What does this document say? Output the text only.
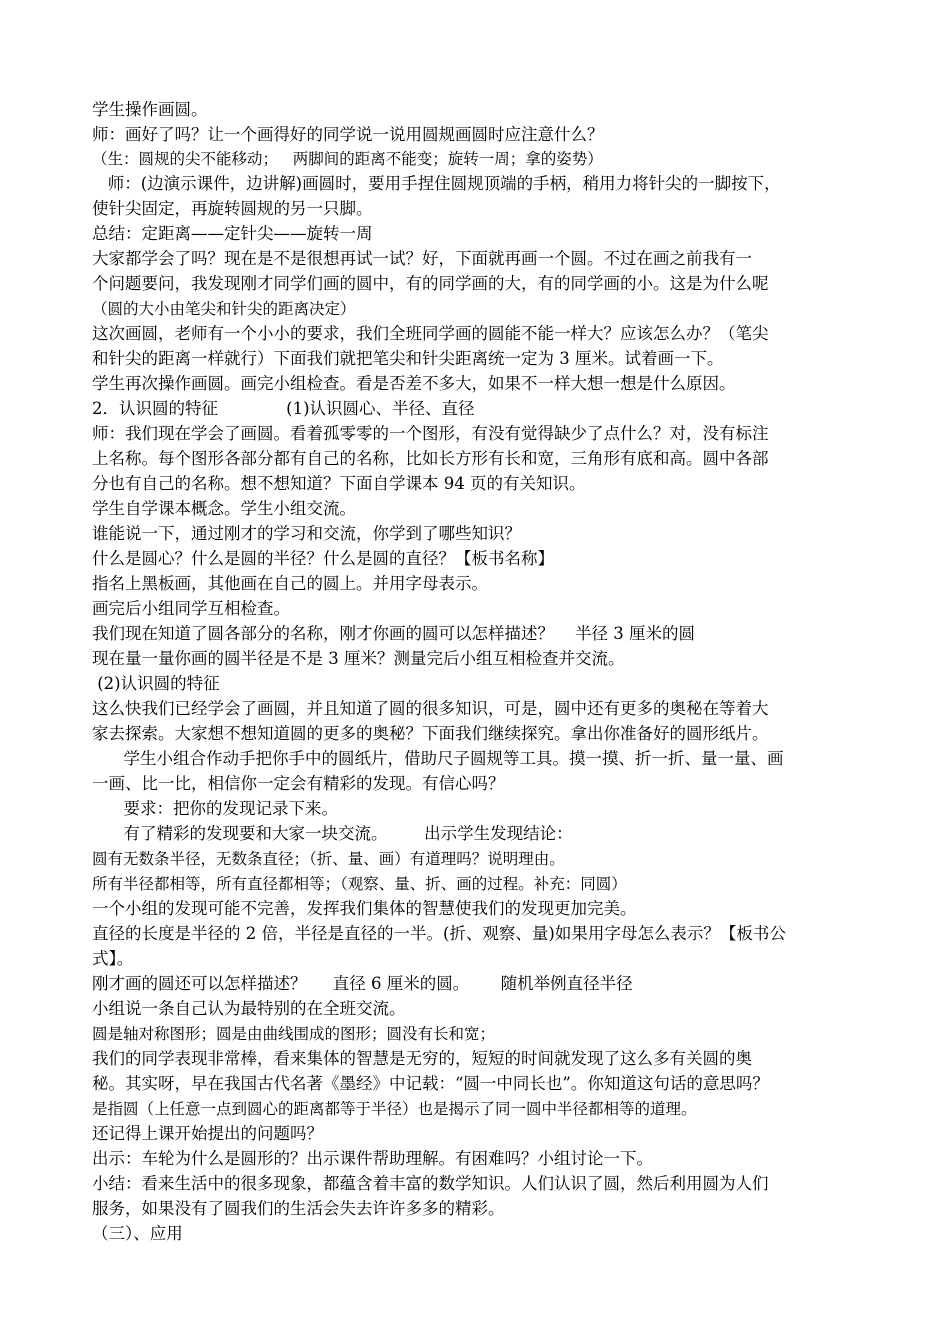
学生操作画圆。
师：画好了吗？让一个画得好的同学说一说用圆规画圆时应注意什么？
（生：圆规的尖不能移动；   两脚间的距离不能变；旋转一周；拿的姿势）
师：(边演示课件，边讲解)画圆时，要用手捏住圆规顶端的手柄，稍用力将针尖的一脚按下，
使针尖固定，再旋转圆规的另一只脚。
总结：定距离——定针尖——旋转一周
大家都学会了吗？现在是不是很想再试一试？好，下面就再画一个圆。不过在画之前我有一
个问题要问，我发现刚才同学们画的圆中，有的同学画的大，有的同学画的小。这是为什么呢
（圆的大小由笔尖和针尖的距离决定）
这次画圆，老师有一个小小的要求，我们全班同学画的圆能不能一样大？应该怎么办？（笔尖
和针尖的距离一样就行）下面我们就把笔尖和针尖距离统一定为 3 厘米。试着画一下。
学生再次操作画圆。画完小组检查。看是否差不多大，如果不一样大想一想是什么原因。
2．认识圆的特征             (1)认识圆心、半径、直径
师：我们现在学会了画圆。看着孤零零的一个图形，有没有觉得缺少了点什么？对，没有标注
上名称。每个图形各部分都有自己的名称，比如长方形有长和宽，三角形有底和高。圆中各部
分也有自己的名称。想不想知道？下面自学课本 94 页的有关知识。
学生自学课本概念。学生小组交流。
谁能说一下，通过刚才的学习和交流，你学到了哪些知识？
什么是圆心？什么是圆的半径？什么是圆的直径？【板书名称】
指名上黑板画，其他画在自己的圆上。并用字母表示。
画完后小组同学互相检查。
我们现在知道了圆各部分的名称，刚才你画的圆可以怎样描述？    半径 3 厘米的圆
现在量一量你画的圆半径是不是 3 厘米？测量完后小组互相检查并交流。
(2)认识圆的特征
这么快我们已经学会了画圆，并且知道了圆的很多知识，可是，圆中还有更多的奥秘在等着大
家去探索。大家想不想知道圆的更多的奥秘？下面我们继续探究。拿出你准备好的圆形纸片。
学生小组合作动手把你手中的圆纸片，借助尺子圆规等工具。摸一摸、折一折、量一量、画
一画、比一比，相信你一定会有精彩的发现。有信心吗？
要求：把你的发现记录下来。
有了精彩的发现要和大家一块交流。       出示学生发现结论：
圆有无数条半径，无数条直径；（折、量、画）有道理吗？说明理由。
所有半径都相等，所有直径都相等；（观察、量、折、画的过程。补充：同圆）
一个小组的发现可能不完善，发挥我们集体的智慧使我们的发现更加完美。
直径的长度是半径的 2 倍，半径是直径的一半。(折、观察、量)如果用字母怎么表示？【板书公
式】。
刚才画的圆还可以怎样描述？     直径 6 厘米的圆。      随机举例直径半径
小组说一条自己认为最特别的在全班交流。
圆是轴对称图形；圆是由曲线围成的图形；圆没有长和宽；
我们的同学表现非常棒，看来集体的智慧是无穷的，短短的时间就发现了这么多有关圆的奥
秘。其实呀，早在我国古代名著《墨经》中记载：“圆一中同长也”。你知道这句话的意思吗？
是指圆（上任意一点到圆心的距离都等于半径）也是揭示了同一圆中半径都相等的道理。
还记得上课开始提出的问题吗？
出示：车轮为什么是圆形的？出示课件帮助理解。有困难吗？小组讨论一下。
小结：看来生活中的很多现象，都蕴含着丰富的数学知识。人们认识了圆，然后利用圆为人们
服务，如果没有了圆我们的生活会失去许许多多的精彩。
（三）、应用
